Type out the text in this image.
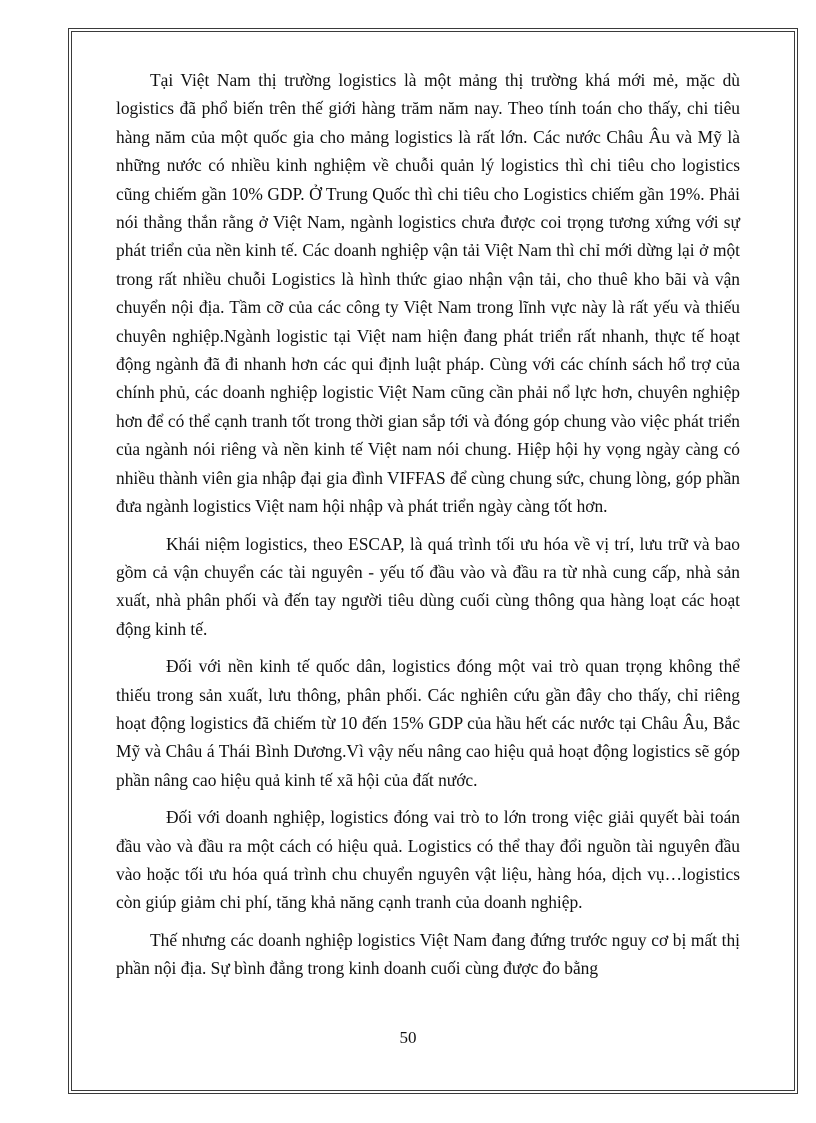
Tại Việt Nam thị trường logistics là một mảng thị trường khá mới mẻ, mặc dù logistics đã phổ biến trên thế giới hàng trăm năm nay. Theo tính toán cho thấy, chi tiêu hàng năm của một quốc gia cho mảng logistics là rất lớn. Các nước Châu Âu và Mỹ là những nước có nhiều kinh nghiệm về chuỗi quản lý logistics thì chi tiêu cho logistics cũng chiếm gần 10% GDP. Ở Trung Quốc thì chi tiêu cho Logistics chiếm gần 19%. Phải nói thẳng thắn rằng ở Việt Nam, ngành logistics chưa được coi trọng tương xứng với sự phát triển của nền kinh tế. Các doanh nghiệp vận tải Việt Nam thì chỉ mới dừng lại ở một trong rất nhiều chuỗi Logistics là hình thức giao nhận vận tải, cho thuê kho bãi và vận chuyển nội địa. Tầm cỡ của các công ty Việt Nam trong lĩnh vực này là rất yếu và thiếu chuyên nghiệp.Ngành logistic tại Việt nam hiện đang phát triển rất nhanh, thực tế hoạt động ngành đã đi nhanh hơn các qui định luật pháp. Cùng với các chính sách hổ trợ của chính phủ, các doanh nghiệp logistic Việt Nam cũng cần phải nổ lực hơn, chuyên nghiệp hơn để có thể cạnh tranh tốt trong thời gian sắp tới và đóng góp chung vào việc phát triển của ngành nói riêng và nền kinh tế Việt nam nói chung. Hiệp hội hy vọng ngày càng có nhiều thành viên gia nhập đại gia đình VIFFAS để cùng chung sức, chung lòng, góp phần đưa ngành logistics Việt nam hội nhập và phát triển ngày càng tốt hơn.

Khái niệm logistics, theo ESCAP, là quá trình tối ưu hóa về vị trí, lưu trữ và bao gồm cả vận chuyển các tài nguyên - yếu tố đầu vào và đầu ra từ nhà cung cấp, nhà sản xuất, nhà phân phối và đến tay người tiêu dùng cuối cùng thông qua hàng loạt các hoạt động kinh tế.

Đối với nền kinh tế quốc dân, logistics đóng một vai trò quan trọng không thể thiếu trong sản xuất, lưu thông, phân phối. Các nghiên cứu gần đây cho thấy, chỉ riêng hoạt động logistics đã chiếm từ 10 đến 15% GDP của hầu hết các nước tại Châu Âu, Bắc Mỹ và Châu á Thái Bình Dương.Vì vậy nếu nâng cao hiệu quả hoạt động logistics sẽ góp phần nâng cao hiệu quả kinh tế xã hội của đất nước.

Đối với doanh nghiệp, logistics đóng vai trò to lớn trong việc giải quyết bài toán đầu vào và đầu ra một cách có hiệu quả. Logistics có thể thay đổi nguồn tài nguyên đầu vào hoặc tối ưu hóa quá trình chu chuyển nguyên vật liệu, hàng hóa, dịch vụ…logistics còn giúp giảm chi phí, tăng khả năng cạnh tranh của doanh nghiệp.

Thế nhưng các doanh nghiệp logistics Việt Nam đang đứng trước nguy cơ bị mất thị phần nội địa. Sự bình đẳng trong kinh doanh cuối cùng được đo bằng

50
